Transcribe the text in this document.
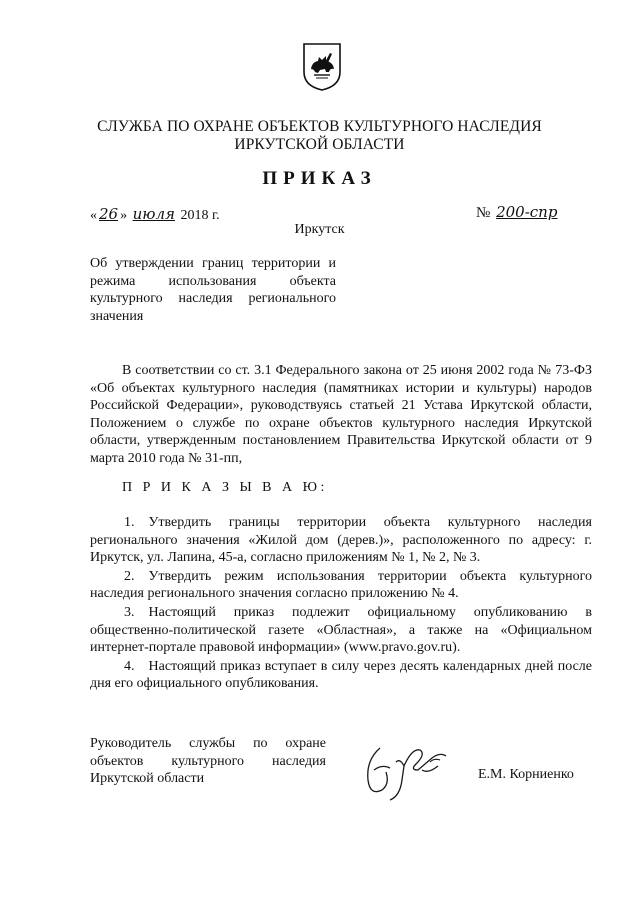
СЛУЖБА ПО ОХРАНЕ ОБЪЕКТОВ КУЛЬТУРНОГО НАСЛЕДИЯ
ИРКУТСКОЙ ОБЛАСТИ
ПРИКАЗ
« 26 » июля 2018 г.	№ 200-спр
Иркутск
Об утверждении границ территории и режима использования объекта культурного наследия регионального значения
В соответствии со ст. 3.1 Федерального закона от 25 июня 2002 года № 73-ФЗ «Об объектах культурного наследия (памятниках истории и культуры) народов Российской Федерации», руководствуясь статьей 21 Устава Иркутской области, Положением о службе по охране объектов культурного наследия Иркутской области, утвержденным постановлением Правительства Иркутской области от 9 марта 2010 года № 31-пп,
П Р И К А З Ы В А Ю:

1. Утвердить границы территории объекта культурного наследия регионального значения «Жилой дом (дерев.)», расположенного по адресу: г. Иркутск, ул. Лапина, 45-а, согласно приложениям № 1, № 2, № 3.

2. Утвердить режим использования территории объекта культурного наследия регионального значения согласно приложению № 4.

3. Настоящий приказ подлежит официальному опубликованию в общественно-политической газете «Областная», а также на «Официальном интернет-портале правовой информации» (www.pravo.gov.ru).

4. Настоящий приказ вступает в силу через десять календарных дней после дня его официального опубликования.

Руководитель службы по охране
объектов культурного наследия
Иркутской области	Е.М. Корниенко
